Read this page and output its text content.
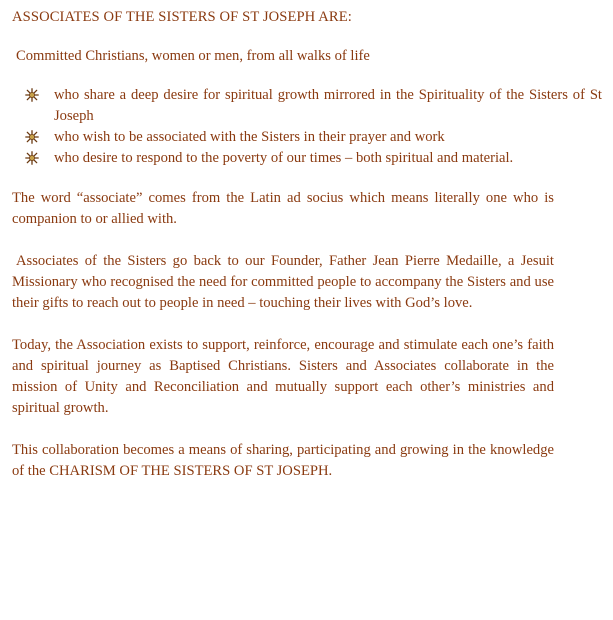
ASSOCIATES OF THE SISTERS OF ST JOSEPH ARE:

Committed Christians, women or men, from all walks of life

who share a deep desire for spiritual growth mirrored in the Spirituality of the Sisters of St Joseph
who wish to be associated with the Sisters in their prayer and work
who desire to respond to the poverty of our times – both spiritual and material.

The word “associate” comes from the Latin ad socius which means literally one who is companion to or allied with.

Associates of the Sisters go back to our Founder, Father Jean Pierre Medaille, a Jesuit Missionary who recognised the need for committed people to accompany the Sisters and use their gifts to reach out to people in need – touching their lives with God’s love.

Today, the Association exists to support, reinforce, encourage and stimulate each one’s faith and spiritual journey as Baptised Christians. Sisters and Associates collaborate in the mission of Unity and Reconciliation and mutually support each other’s ministries and spiritual growth.

This collaboration becomes a means of sharing, participating and growing in the knowledge of the CHARISM OF THE SISTERS OF ST JOSEPH.
